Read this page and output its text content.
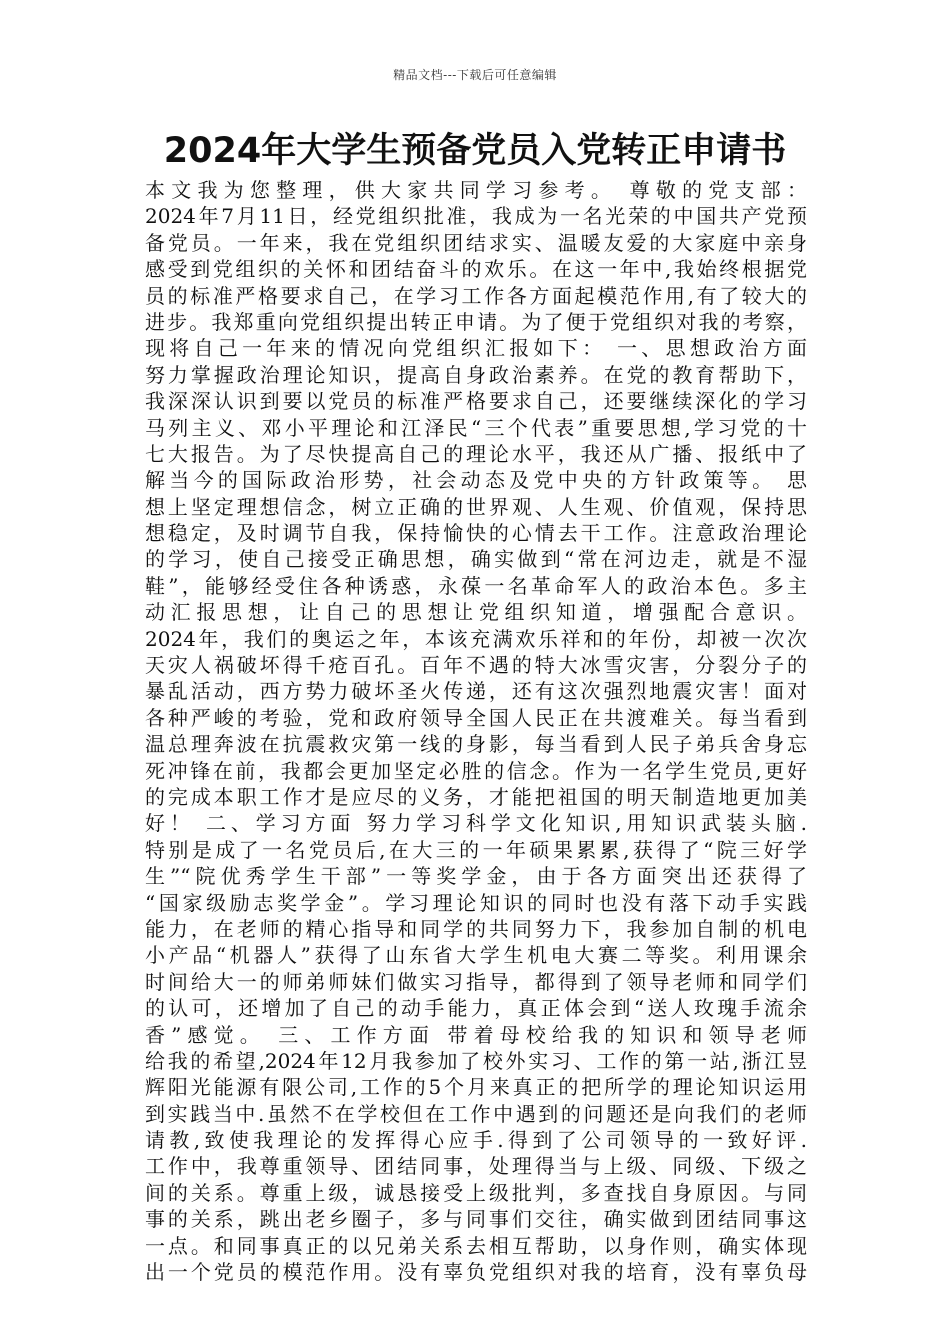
精品文档---下载后可任意编辑
2024年大学生预备党员入党转正申请书
本文我为您整理，供大家共同学习参考。 尊敬的党支部：
2024年7月11日，经党组织批准，我成为一名光荣的中国共产党预
备党员。一年来，我在党组织团结求实、温暖友爱的大家庭中亲身
感受到党组织的关怀和团结奋斗的欢乐。在这一年中,我始终根据党
员的标准严格要求自己，在学习工作各方面起模范作用,有了较大的
进步。我郑重向党组织提出转正申请。为了便于党组织对我的考察，
现将自己一年来的情况向党组织汇报如下： 一、思想政治方面
努力掌握政治理论知识，提高自身政治素养。在党的教育帮助下，
我深深认识到要以党员的标准严格要求自己，还要继续深化的学习
马列主义、邓小平理论和江泽民“三个代表”重要思想,学习党的十
七大报告。为了尽快提高自己的理论水平，我还从广播、报纸中了
解当今的国际政治形势，社会动态及党中央的方针政策等。 思
想上坚定理想信念，树立正确的世界观、人生观、价值观，保持思
想稳定，及时调节自我，保持愉快的心情去干工作。注意政治理论
的学习，使自己接受正确思想，确实做到“常在河边走，就是不湿
鞋”，能够经受住各种诱惑，永葆一名革命军人的政治本色。多主
动汇报思想，让自己的思想让党组织知道，增强配合意识。
2024年，我们的奥运之年，本该充满欢乐祥和的年份，却被一次次
天灾人祸破坏得千疮百孔。百年不遇的特大冰雪灾害，分裂分子的
暴乱活动，西方势力破坏圣火传递，还有这次强烈地震灾害！面对
各种严峻的考验，党和政府领导全国人民正在共渡难关。每当看到
温总理奔波在抗震救灾第一线的身影，每当看到人民子弟兵舍身忘
死冲锋在前，我都会更加坚定必胜的信念。作为一名学生党员,更好
的完成本职工作才是应尽的义务，才能把祖国的明天制造地更加美
好！ 二、学习方面 努力学习科学文化知识,用知识武装头脑.
特别是成了一名党员后,在大三的一年硕果累累,获得了“院三好学
生”“院优秀学生干部”一等奖学金，由于各方面突出还获得了
“国家级励志奖学金”。学习理论知识的同时也没有落下动手实践
能力，在老师的精心指导和同学的共同努力下，我参加自制的机电
小产品“机器人”获得了山东省大学生机电大赛二等奖。利用课余
时间给大一的师弟师妹们做实习指导，都得到了领导老师和同学们
的认可，还增加了自己的动手能力，真正体会到“送人玫瑰手流余
香”感觉。 三、工作方面 带着母校给我的知识和领导老师
给我的希望,2024年12月我参加了校外实习、工作的第一站,浙江昱
辉阳光能源有限公司,工作的5个月来真正的把所学的理论知识运用
到实践当中.虽然不在学校但在工作中遇到的问题还是向我们的老师
请教,致使我理论的发挥得心应手.得到了公司领导的一致好评.
工作中，我尊重领导、团结同事，处理得当与上级、同级、下级之
间的关系。尊重上级，诚恳接受上级批判，多查找自身原因。与同
事的关系，跳出老乡圈子，多与同事们交往，确实做到团结同事这
一点。和同事真正的以兄弟关系去相互帮助，以身作则，确实体现
出一个党员的模范作用。没有辜负党组织对我的培育，没有辜负母
